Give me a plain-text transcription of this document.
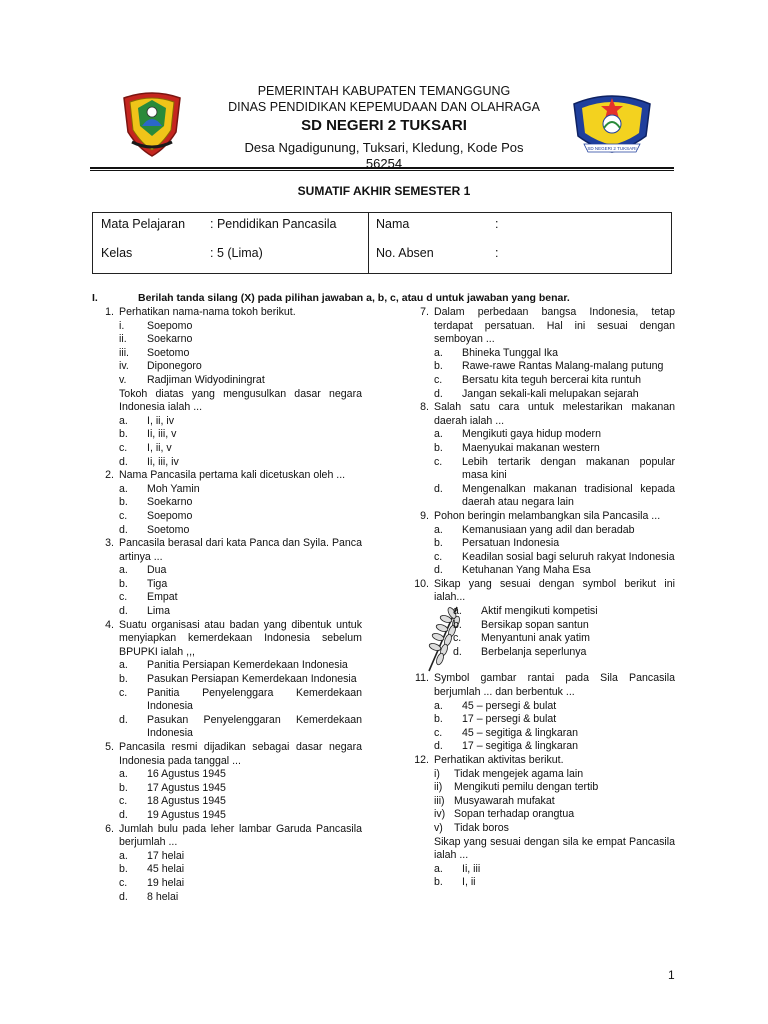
SD NEGERI 2 TUKSARI
PEMERINTAH KABUPATEN TEMANGGUNG
DINAS PENDIDIKAN KEPEMUDAAN DAN OLAHRAGA
SD NEGERI 2 TUKSARI
Desa Ngadigunung, Tuksari, Kledung, Kode Pos
56254
SUMATIF AKHIR SEMESTER 1
Mata Pelajaran : Pendidikan Pancasila
Kelas	: 5 (Lima)
Nama	:
No. Absen	:
I.	Berilah tanda silang (X) pada pilihan jawaban a, b, c, atau d untuk jawaban yang benar.
1. Perhatikan nama-nama tokoh berikut.
i. Soepomo
ii. Soekarno
iii. Soetomo
iv. Diponegoro
v. Radjiman Widyodiningrat
Tokoh diatas yang mengusulkan dasar negara Indonesia ialah ...
a. I, ii, iv
b. Ii, iii, v
c. I, ii, v
d. Ii, iii, iv
2. Nama Pancasila pertama kali dicetuskan oleh ...
a. Moh Yamin
b. Soekarno
c. Soepomo
d. Soetomo
3. Pancasila berasal dari kata Panca dan Syila. Panca artinya ...
a. Dua
b. Tiga
c. Empat
d. Lima
4. Suatu organisasi atau badan yang dibentuk untuk menyiapkan kemerdekaan Indonesia sebelum BPUPKI ialah ,,,
a. Panitia Persiapan Kemerdekaan Indonesia
b. Pasukan Persiapan Kemerdekaan Indonesia
c. Panitia Penyelenggara Kemerdekaan Indonesia
d. Pasukan Penyelenggaran Kemerdekaan Indonesia
5. Pancasila resmi dijadikan sebagai dasar negara Indonesia pada tanggal ...
a. 16 Agustus 1945
b. 17 Agustus 1945
c. 18 Agustus 1945
d. 19 Agustus 1945
6. Jumlah bulu pada leher lambar Garuda Pancasila berjumlah ...
a. 17 helai
b. 45 helai
c. 19 helai
d. 8 helai
7. Dalam perbedaan bangsa Indonesia, tetap terdapat persatuan. Hal ini sesuai dengan semboyan ...
a. Bhineka Tunggal Ika
b. Rawe-rawe Rantas Malang-malang putung
c. Bersatu kita teguh bercerai kita runtuh
d. Jangan sekali-kali melupakan sejarah
8. Salah satu cara untuk melestarikan makanan daerah ialah ...
a. Mengikuti gaya hidup modern
b. Maenyukai makanan western
c. Lebih tertarik dengan makanan popular masa kini
d. Mengenalkan makanan tradisional kepada daerah atau negara lain
9. Pohon beringin melambangkan sila Pancasila ...
a. Kemanusiaan yang adil dan beradab
b. Persatuan Indonesia
c. Keadilan sosial bagi seluruh rakyat Indonesia
d. Ketuhanan Yang Maha Esa
10. Sikap yang sesuai dengan symbol berikut ini ialah...
a. Aktif mengikuti kompetisi
b. Bersikap sopan santun
c. Menyantuni anak yatim
d. Berbelanja seperlunya
11. Symbol gambar rantai pada Sila Pancasila berjumlah ... dan berbentuk ...
a. 45 – persegi & bulat
b. 17 – persegi & bulat
c. 45 – segitiga & lingkaran
d. 17 – segitiga & lingkaran
12. Perhatikan aktivitas berikut.
i) Tidak mengejek agama lain
ii) Mengikuti pemilu dengan tertib
iii) Musyawarah mufakat
iv) Sopan terhadap orangtua
v) Tidak boros
Sikap yang sesuai dengan sila ke empat Pancasila ialah ...
a. Ii, iii
b. I, ii
1
